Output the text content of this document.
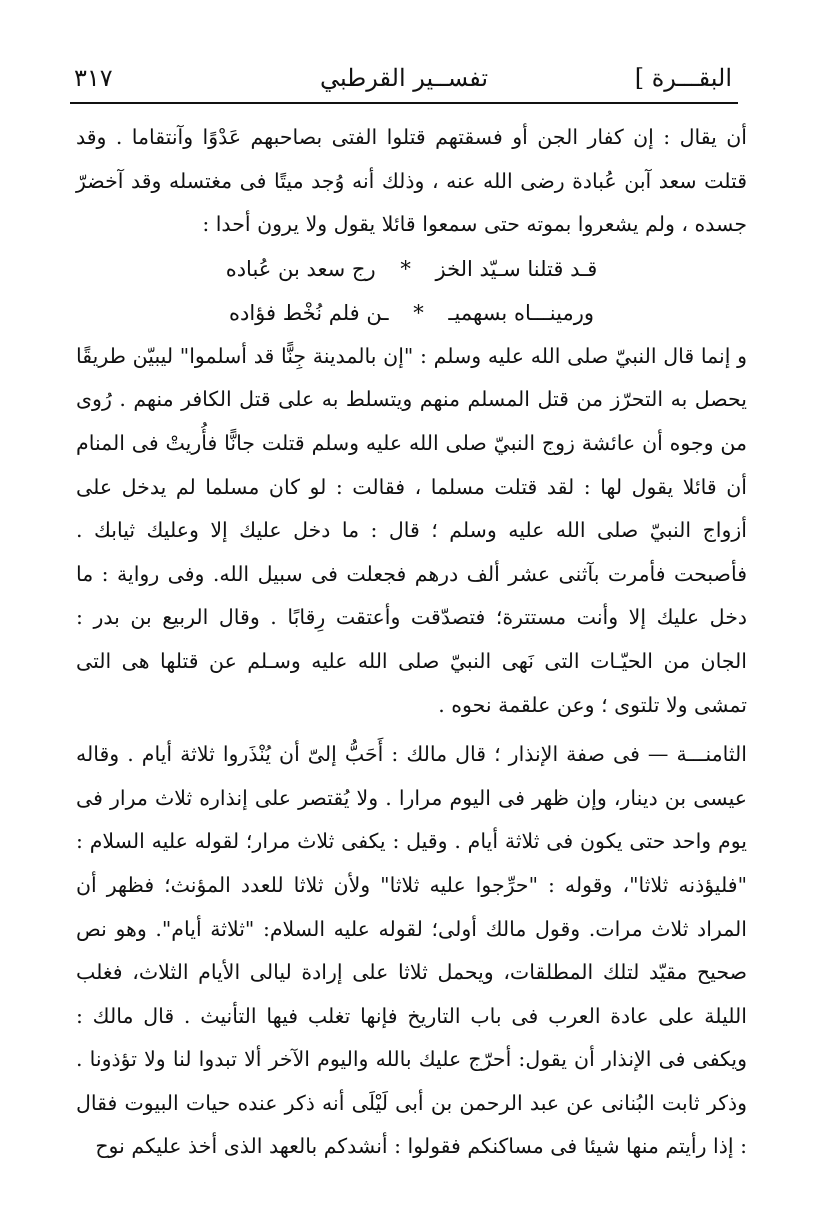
البقـــرة ]
تفســير القرطبي
٣١٧

أن يقال : إن كفار الجن أو فسقتهم قتلوا الفتى بصاحبهم عَدْوًا وآنتقاما . وقد قتلت سعد آبن عُبادة رضى الله عنه ، وذلك أنه وُجد ميتًا فى مغتسله وقد آخضرّ جسده ، ولم يشعروا بموته حتى سمعوا قائلا يقول ولا يرون أحدا :

قـد قتلنا سـيّد الخز * رج سعد بن عُباده
ورمينـــاه بسهميـ * ـن فلم نُخْط فؤاده

و إنما قال النبيّ صلى الله عليه وسلم : "إن بالمدينة جِنًّا قد أسلموا" ليبيّن طريقًا يحصل به التحرّز من قتل المسلم منهم ويتسلط به على قتل الكافر منهم . رُوى من وجوه أن عائشة زوج النبيّ صلى الله عليه وسلم قتلت جانًّا فأُريتْ فى المنام أن قائلا يقول لها : لقد قتلت مسلما ، فقالت : لو كان مسلما لم يدخل على أزواج النبيّ صلى الله عليه وسلم ؛ قال : ما دخل عليك إلا وعليك ثيابك . فأصبحت فأمرت بآثنى عشر ألف درهم فجعلت فى سبيل الله. وفى رواية : ما دخل عليك إلا وأنت مستترة؛ فتصدّقت وأعتقت رِقابًا . وقال الربيع بن بدر : الجان من الحيّـات التى نَهى النبيّ صلى الله عليه وسـلم عن قتلها هى التى تمشى ولا تلتوى ؛ وعن علقمة نحوه .

الثامنـــة — فى صفة الإنذار ؛ قال مالك : أَحَبُّ إلىّ أن يُنْذَروا ثلاثة أيام . وقاله عيسى بن دينار، وإن ظهر فى اليوم مرارا . ولا يُقتصر على إنذاره ثلاث مرار فى يوم واحد حتى يكون فى ثلاثة أيام . وقيل : يكفى ثلاث مرار؛ لقوله عليه السلام : "فليؤذنه ثلاثا"، وقوله : "حرِّجوا عليه ثلاثا" ولأن ثلاثا للعدد المؤنث؛ فظهر أن المراد ثلاث مرات. وقول مالك أولى؛ لقوله عليه السلام: "ثلاثة أيام". وهو نص صحيح مقيّد لتلك المطلقات، ويحمل ثلاثا على إرادة ليالى الأيام الثلاث، فغلب الليلة على عادة العرب فى باب التاريخ فإنها تغلب فيها التأنيث . قال مالك : ويكفى فى الإنذار أن يقول: أحرّج عليك بالله واليوم الآخر ألا تبدوا لنا ولا تؤذونا . وذكر ثابت البُنانى عن عبد الرحمن بن أبى لَيْلَى أنه ذكر عنده حيات البيوت فقال : إذا رأيتم منها شيئا فى مساكنكم فقولوا : أنشدكم بالعهد الذى أخذ عليكم نوح
